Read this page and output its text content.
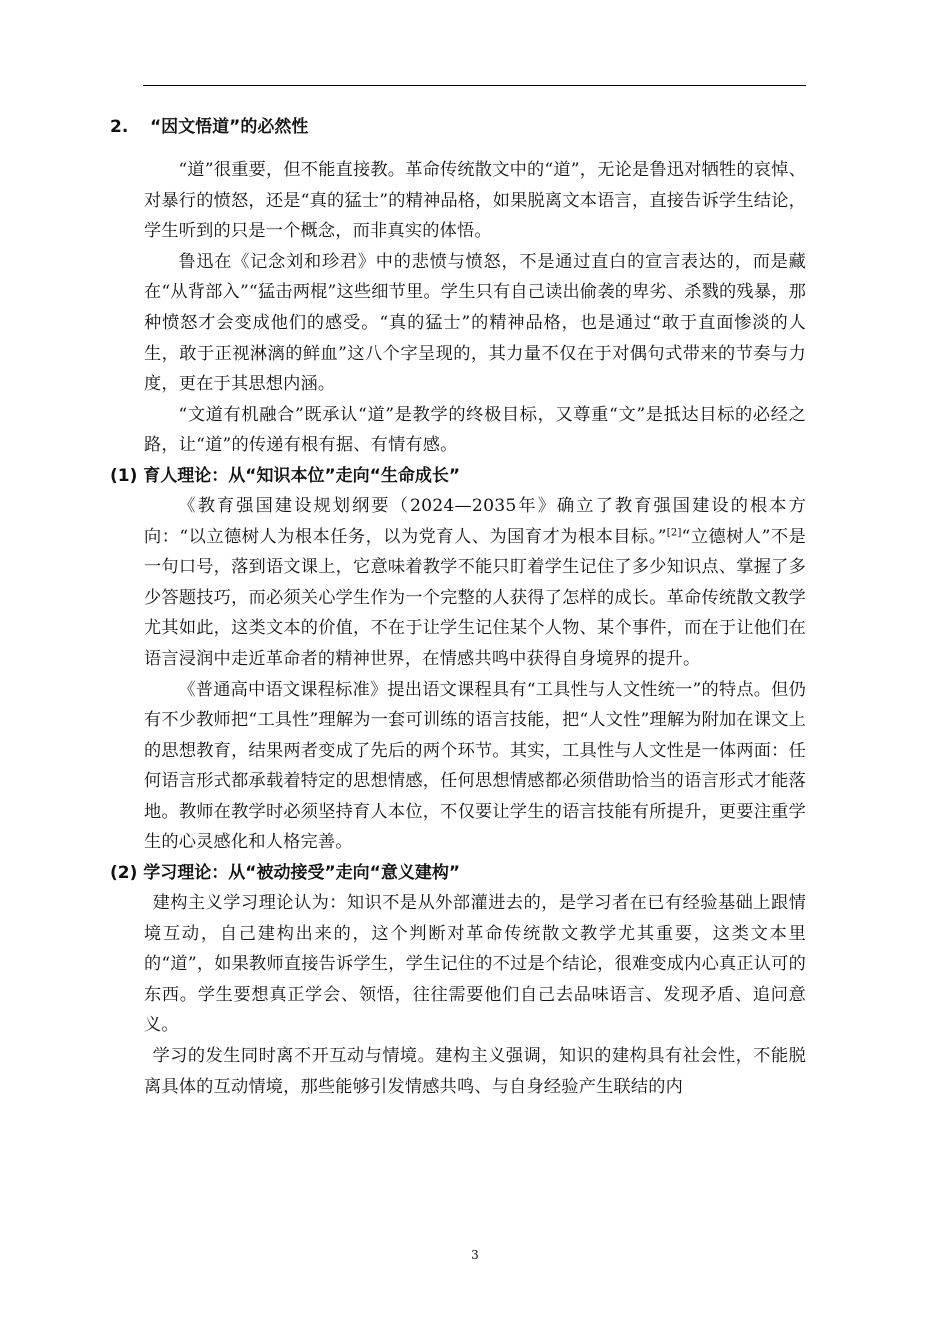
2. “因文悟道”的必然性

“道”很重要，但不能直接教。革命传统散文中的“道”，无论是鲁迅对牺牲的哀悼、对暴行的愤怒，还是“真的猛士”的精神品格，如果脱离文本语言，直接告诉学生结论，学生听到的只是一个概念，而非真实的体悟。

鲁迅在《记念刘和珍君》中的悲愤与愤怒，不是通过直白的宣言表达的，而是藏在“从背部入”“猛击两棍”这些细节里。学生只有自己读出偷袭的卑劣、杀戮的残暴，那种愤怒才会变成他们的感受。“真的猛士”的精神品格，也是通过“敢于直面惨淡的人生，敢于正视淋漓的鲜血”这八个字呈现的，其力量不仅在于对偶句式带来的节奏与力度，更在于其思想内涵。

“文道有机融合”既承认“道”是教学的终极目标，又尊重“文”是抵达目标的必经之路，让“道”的传递有根有据、有情有感。

(1) 育人理论：从“知识本位”走向“生命成长”

《教育强国建设规划纲要（2024—2035年》确立了教育强国建设的根本方向：“以立德树人为根本任务，以为党育人、为国育才为根本目标。”[2]“立德树人”不是一句口号，落到语文课上，它意味着教学不能只盯着学生记住了多少知识点、掌握了多少答题技巧，而必须关心学生作为一个完整的人获得了怎样的成长。革命传统散文教学尤其如此，这类文本的价值，不在于让学生记住某个人物、某个事件，而在于让他们在语言浸润中走近革命者的精神世界，在情感共鸣中获得自身境界的提升。

《普通高中语文课程标准》提出语文课程具有“工具性与人文性统一”的特点。但仍有不少教师把“工具性”理解为一套可训练的语言技能，把“人文性”理解为附加在课文上的思想教育，结果两者变成了先后的两个环节。其实，工具性与人文性是一体两面：任何语言形式都承载着特定的思想情感，任何思想情感都必须借助恰当的语言形式才能落地。教师在教学时必须坚持育人本位，不仅要让学生的语言技能有所提升，更要注重学生的心灵感化和人格完善。

(2) 学习理论：从“被动接受”走向“意义建构”

建构主义学习理论认为：知识不是从外部灌进去的，是学习者在已有经验基础上跟情境互动，自己建构出来的，这个判断对革命传统散文教学尤其重要，这类文本里的“道”，如果教师直接告诉学生，学生记住的不过是个结论，很难变成内心真正认可的东西。学生要想真正学会、领悟，往往需要他们自己去品味语言、发现矛盾、追问意义。

学习的发生同时离不开互动与情境。建构主义强调，知识的建构具有社会性，不能脱离具体的互动情境，那些能够引发情感共鸣、与自身经验产生联结的内

3
